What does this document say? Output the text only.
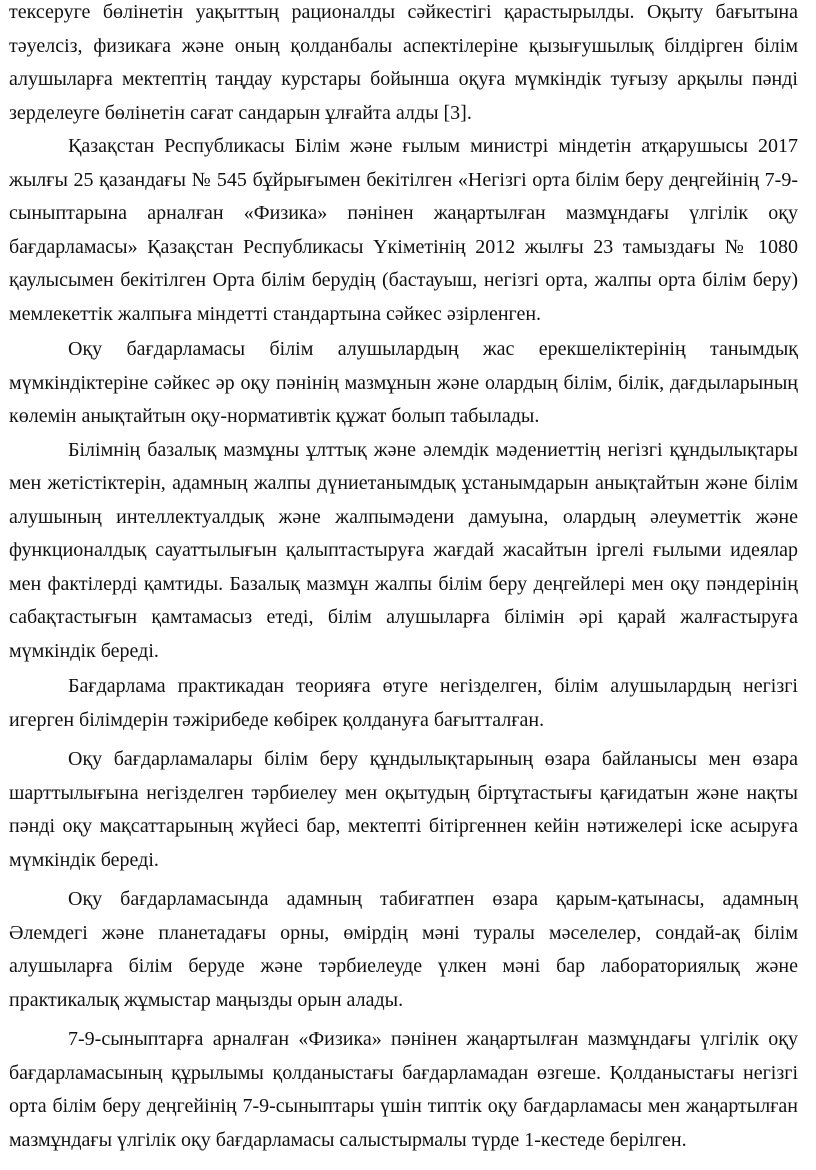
тексеруге бөлінетін уақыттың рационалды сәйкестігі қарастырылды. Оқыту бағытына тәуелсіз, физикаға және оның қолданбалы аспектілеріне қызығушылық білдірген білім алушыларға мектептің таңдау курстары бойынша оқуға мүмкіндік туғызу арқылы пәнді зерделеуге бөлінетін сағат сандарын ұлғайта алды [3].

Қазақстан Республикасы Білім және ғылым министрі міндетін атқарушысы 2017 жылғы 25 қазандағы № 545 бұйрығымен бекітілген «Негізгі орта білім беру деңгейінің 7-9-сыныптарына арналған «Физика» пәнінен жаңартылған мазмұндағы үлгілік оқу бағдарламасы» Қазақстан Республикасы Үкіметінің 2012 жылғы 23 тамыздағы № 1080 қаулысымен бекітілген Орта білім берудің (бастауыш, негізгі орта, жалпы орта білім беру) мемлекеттік жалпыға міндетті стандартына сәйкес әзірленген.

Оқу бағдарламасы білім алушылардың жас ерекшеліктерінің танымдық мүмкіндіктеріне сәйкес әр оқу пәнінің мазмұнын және олардың білім, білік, дағдыларының көлемін анықтайтын оқу-нормативтік құжат болып табылады.

Білімнің базалық мазмұны ұлттық және әлемдік мәдениеттің негізгі құндылықтары мен жетістіктерін, адамның жалпы дүниетанымдық ұстанымдарын анықтайтын және білім алушының интеллектуалдық және жалпымәдени дамуына, олардың әлеуметтік және функционалдық сауаттылығын қалыптастыруға жағдай жасайтын іргелі ғылыми идеялар мен фактілерді қамтиды. Базалық мазмұн жалпы білім беру деңгейлері мен оқу пәндерінің сабақтастығын қамтамасыз етеді, білім алушыларға білімін әрі қарай жалғастыруға мүмкіндік береді.

Бағдарлама практикадан теорияға өтуге негізделген, білім алушылардың негізгі игерген білімдерін тәжірибеде көбірек қолдануға бағытталған.

Оқу бағдарламалары білім беру құндылықтарының өзара байланысы мен өзара шарттылығына негізделген тәрбиелеу мен оқытудың біртұтастығы қағидатын және нақты пәнді оқу мақсаттарының жүйесі бар, мектепті бітіргеннен кейін нәтижелері іске асыруға мүмкіндік береді.

Оқу бағдарламасында адамның табиғатпен өзара қарым-қатынасы, адамның Әлемдегі және планетадағы орны, өмірдің мәні туралы мәселелер, сондай-ақ білім алушыларға білім беруде және тәрбиелеуде үлкен мәні бар лабораториялық және практикалық жұмыстар маңызды орын алады.

7-9-сыныптарға арналған «Физика» пәнінен жаңартылған мазмұндағы үлгілік оқу бағдарламасының құрылымы қолданыстағы бағдарламадан өзгеше. Қолданыстағы негізгі орта білім беру деңгейінің 7-9-сыныптары үшін типтік оқу бағдарламасы мен жаңартылған мазмұндағы үлгілік оқу бағдарламасы салыстырмалы түрде 1-кестеде берілген.
